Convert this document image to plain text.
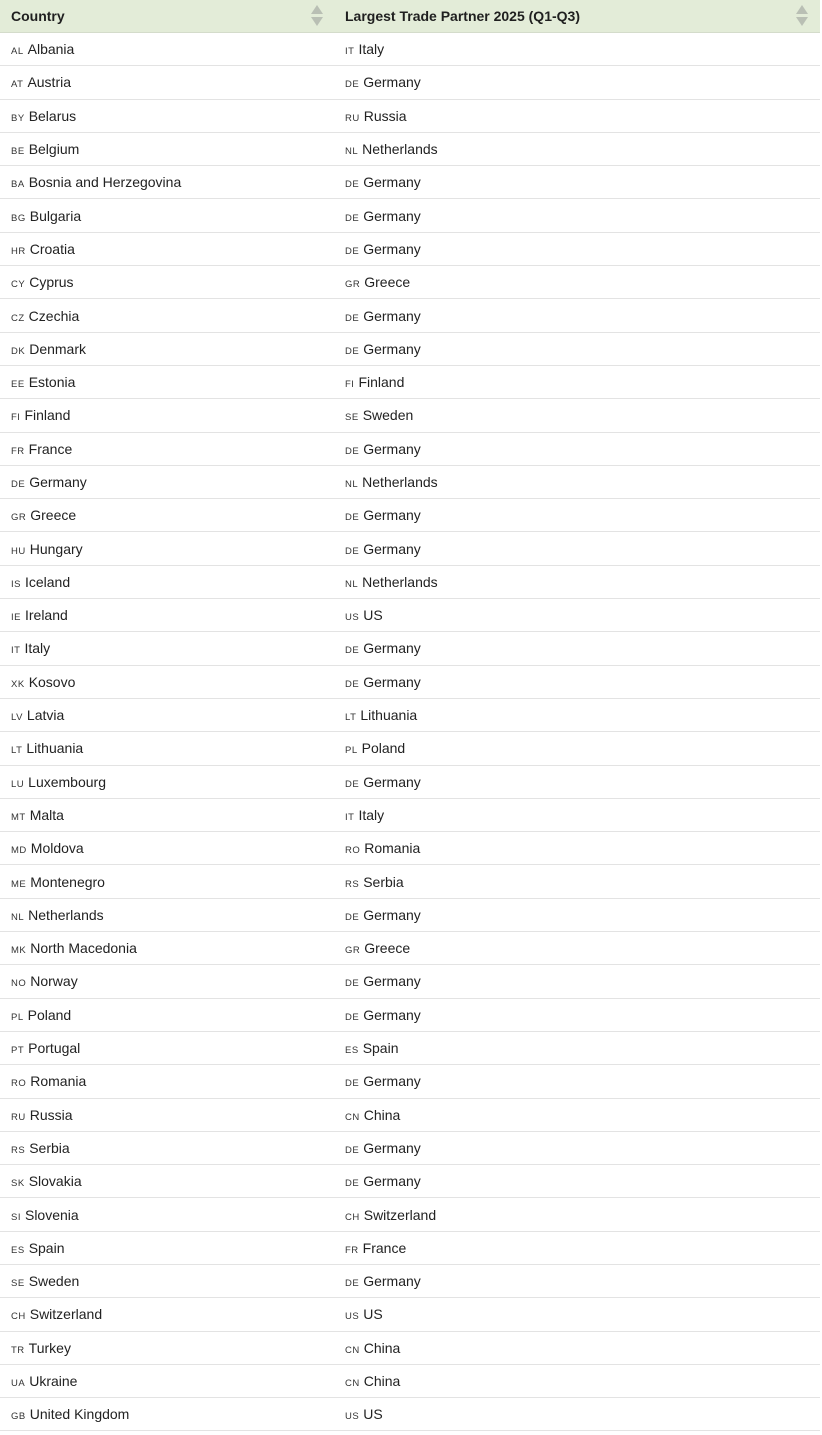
Country	Largest Trade Partner 2025 (Q1-Q3)

AL Albania	IT Italy
AT Austria	DE Germany
BY Belarus	RU Russia
BE Belgium	NL Netherlands
BA Bosnia and Herzegovina	DE Germany
BG Bulgaria	DE Germany
HR Croatia	DE Germany
CY Cyprus	GR Greece
CZ Czechia	DE Germany
DK Denmark	DE Germany
EE Estonia	FI Finland
FI Finland	SE Sweden
FR France	DE Germany
DE Germany	NL Netherlands
GR Greece	DE Germany
HU Hungary	DE Germany
IS Iceland	NL Netherlands
IE Ireland	US US
IT Italy	DE Germany
XK Kosovo	DE Germany
LV Latvia	LT Lithuania
LT Lithuania	PL Poland
LU Luxembourg	DE Germany
MT Malta	IT Italy
MD Moldova	RO Romania
ME Montenegro	RS Serbia
NL Netherlands	DE Germany
MK North Macedonia	GR Greece
NO Norway	DE Germany
PL Poland	DE Germany
PT Portugal	ES Spain
RO Romania	DE Germany
RU Russia	CN China
RS Serbia	DE Germany
SK Slovakia	DE Germany
SI Slovenia	CH Switzerland
ES Spain	FR France
SE Sweden	DE Germany
CH Switzerland	US US
TR Turkey	CN China
UA Ukraine	CN China
GB United Kingdom	US US
